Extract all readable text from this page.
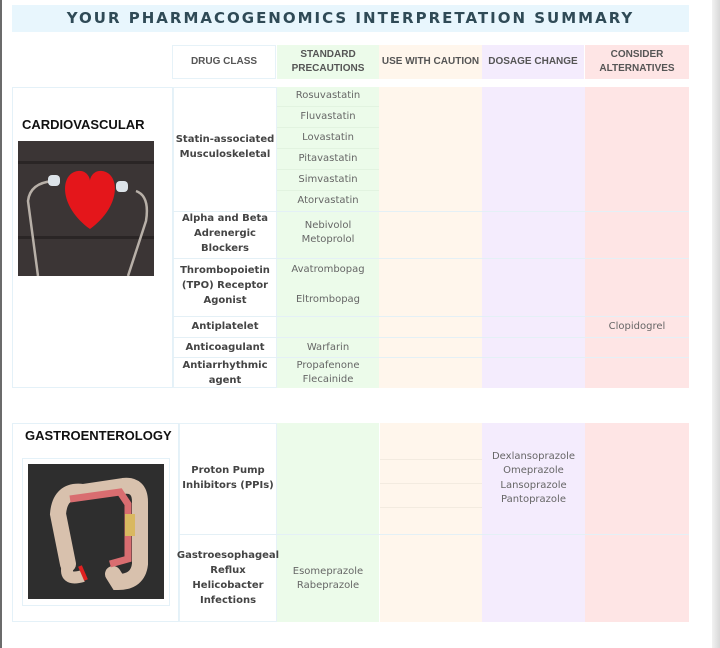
YOUR PHARMACOGENOMICS INTERPRETATION SUMMARY
DRUG CLASS
STANDARD PRECAUTIONS
USE WITH CAUTION DOSAGE CHANGE
CONSIDER ALTERNATIVES
CARDIOVASCULAR
Statin-associated
Musculoskeletal
Rosuvastatin
Fluvastatin
Lovastatin
Pitavastatin
Simvastatin
Atorvastatin
Alpha and Beta
Adrenergic
Blockers
Nebivolol
Metoprolol
Thrombopoietin
(TPO) Receptor
Agonist
Avatrombopag
Eltrombopag
Antiplatelet	Clopidogrel
Anticoagulant	Warfarin
Antiarrhythmic
agent
Propafenone
Flecainide
GASTROENTEROLOGY
Proton Pump
Inhibitors (PPIs)
Dexlansoprazole
Omeprazole
Lansoprazole
Pantoprazole
Gastroesophageal
Reflux
Helicobacter
Infections
Esomeprazole
Rabeprazole
